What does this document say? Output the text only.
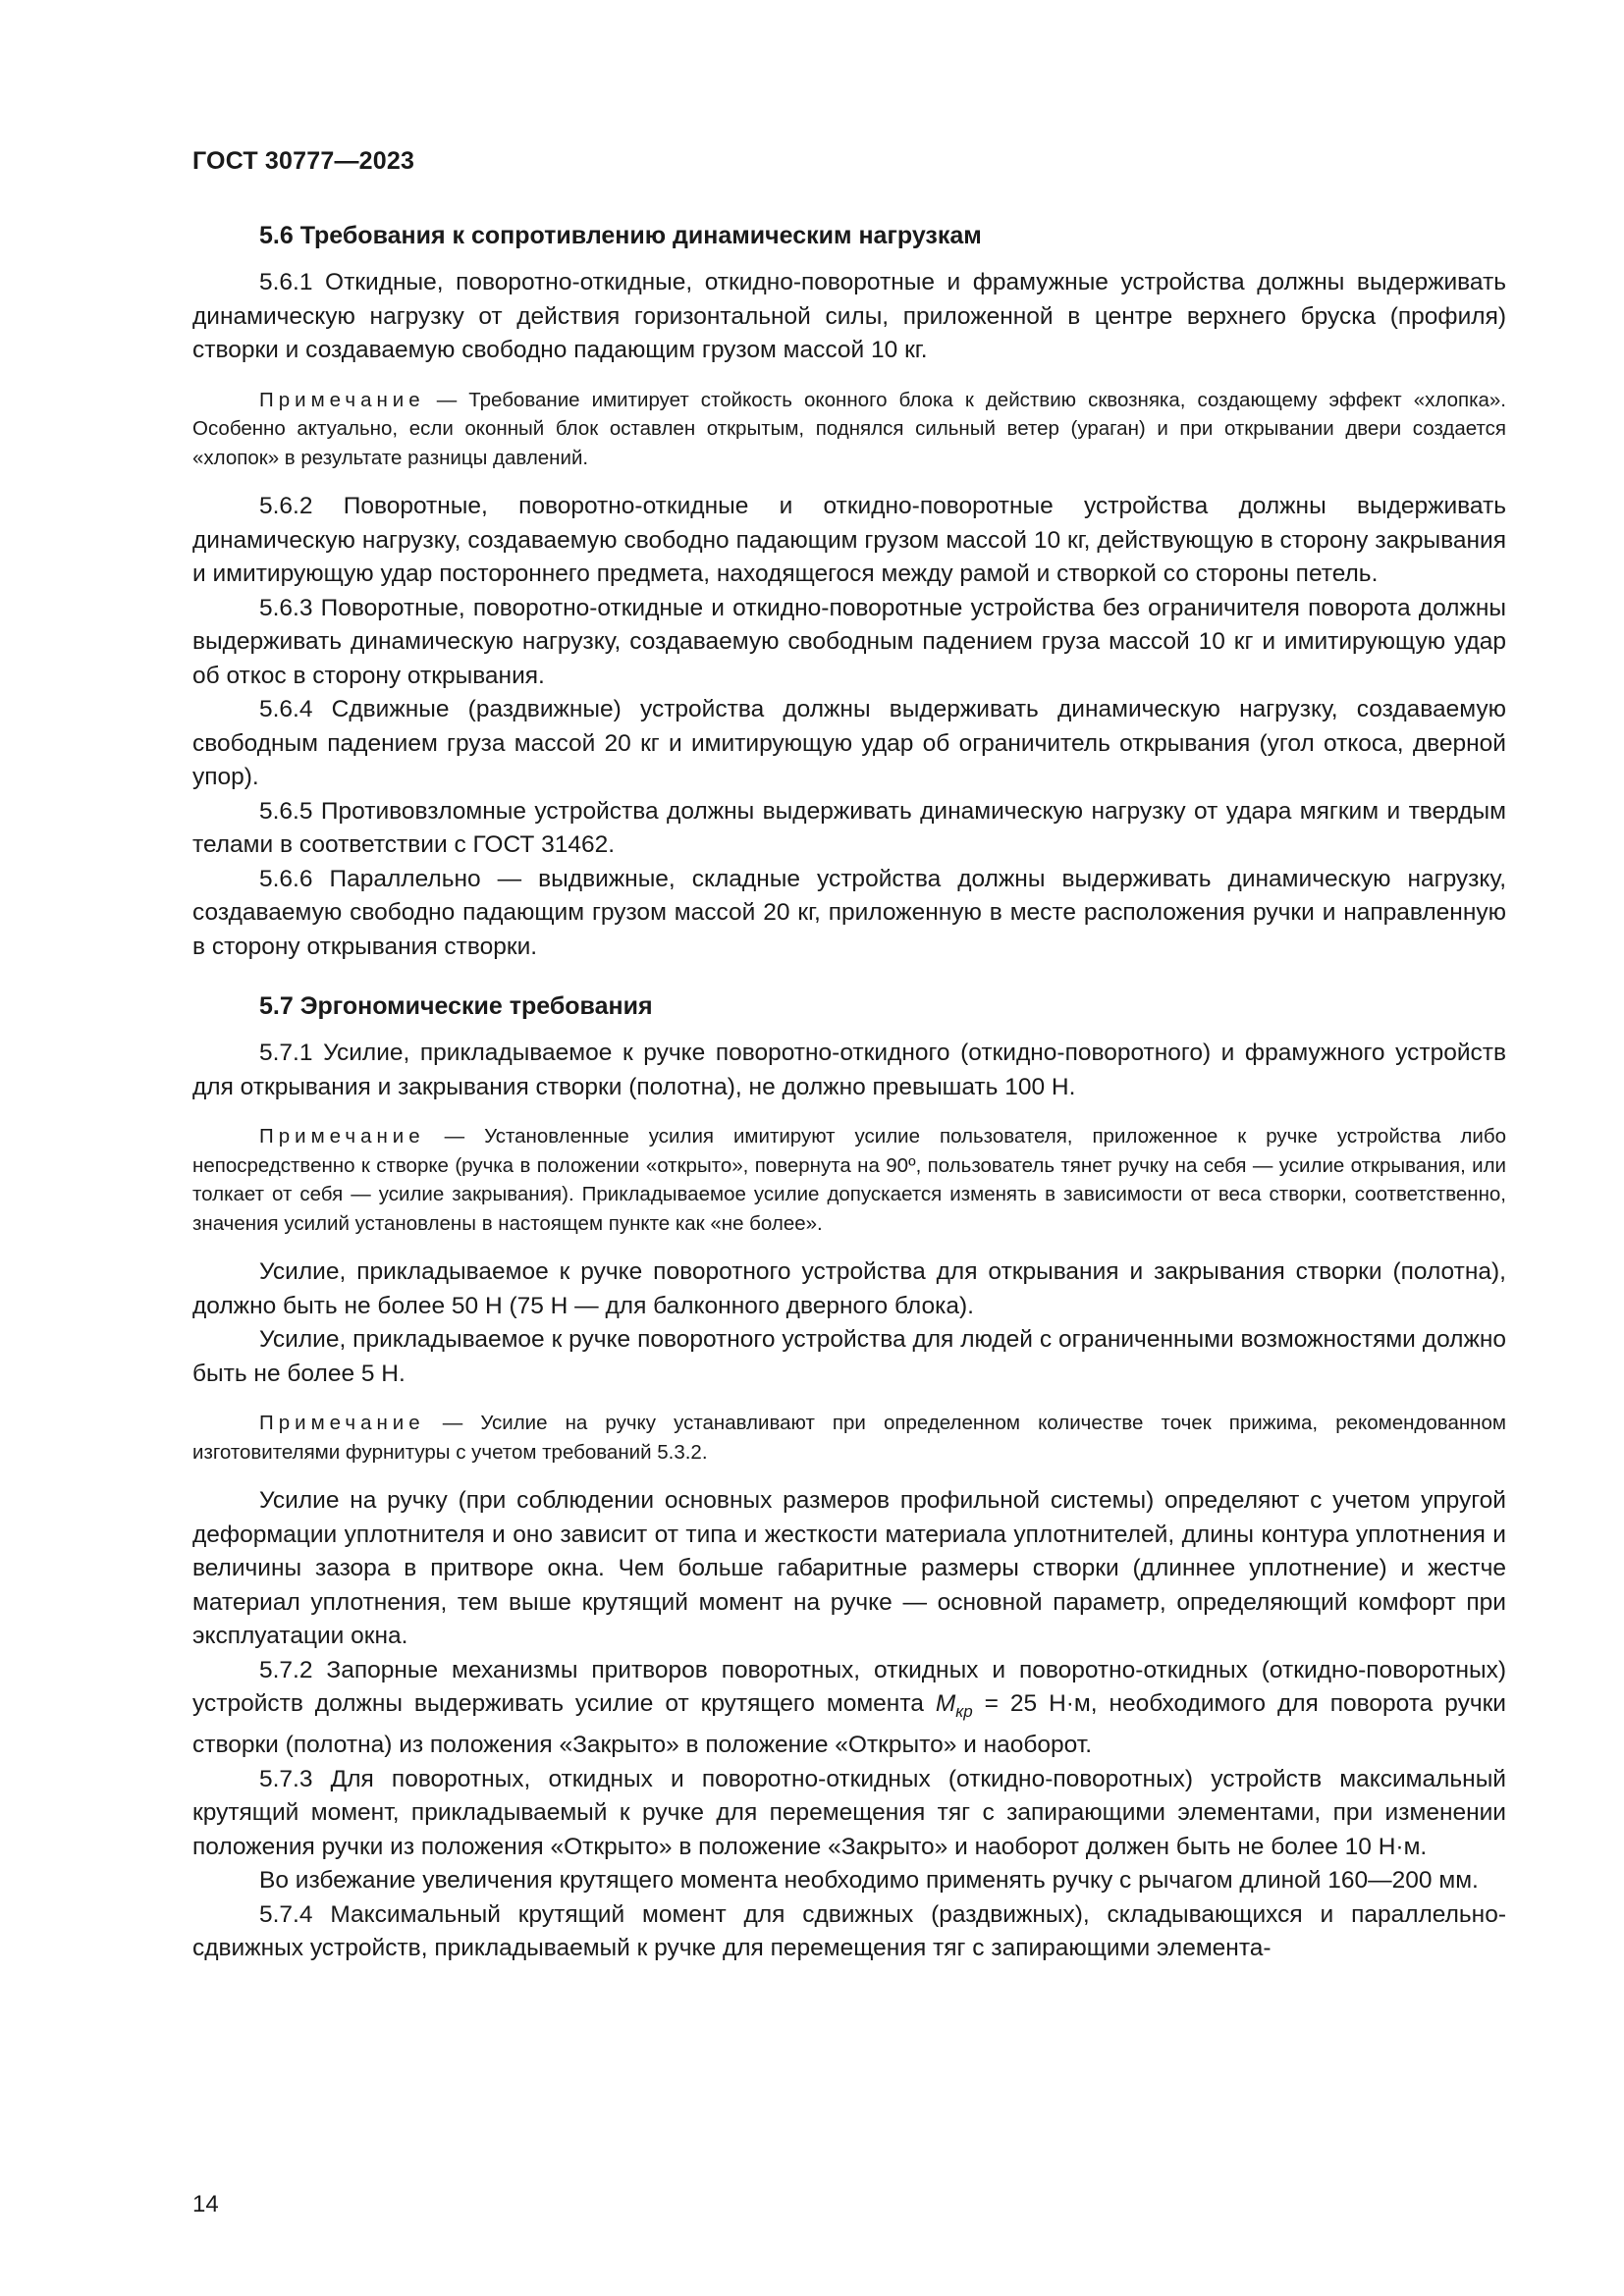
ГОСТ 30777—2023
5.6 Требования к сопротивлению динамическим нагрузкам

5.6.1 Откидные, поворотно-откидные, откидно-поворотные и фрамужные устройства должны выдерживать динамическую нагрузку от действия горизонтальной силы, приложенной в центре верхнего бруска (профиля) створки и создаваемую свободно падающим грузом массой 10 кг.

Примечание — Требование имитирует стойкость оконного блока к действию сквозняка, создающему эффект «хлопка». Особенно актуально, если оконный блок оставлен открытым, поднялся сильный ветер (ураган) и при открывании двери создается «хлопок» в результате разницы давлений.

5.6.2 Поворотные, поворотно-откидные и откидно-поворотные устройства должны выдерживать динамическую нагрузку, создаваемую свободно падающим грузом массой 10 кг, действующую в сторону закрывания и имитирующую удар постороннего предмета, находящегося между рамой и створкой со стороны петель.

5.6.3 Поворотные, поворотно-откидные и откидно-поворотные устройства без ограничителя поворота должны выдерживать динамическую нагрузку, создаваемую свободным падением груза массой 10 кг и имитирующую удар об откос в сторону открывания.

5.6.4 Сдвижные (раздвижные) устройства должны выдерживать динамическую нагрузку, создаваемую свободным падением груза массой 20 кг и имитирующую удар об ограничитель открывания (угол откоса, дверной упор).

5.6.5 Противовзломные устройства должны выдерживать динамическую нагрузку от удара мягким и твердым телами в соответствии с ГОСТ 31462.

5.6.6 Параллельно — выдвижные, складные устройства должны выдерживать динамическую нагрузку, создаваемую свободно падающим грузом массой 20 кг, приложенную в месте расположения ручки и направленную в сторону открывания створки.

5.7 Эргономические требования

5.7.1 Усилие, прикладываемое к ручке поворотно-откидного (откидно-поворотного) и фрамужного устройств для открывания и закрывания створки (полотна), не должно превышать 100 Н.

Примечание — Установленные усилия имитируют усилие пользователя, приложенное к ручке устройства либо непосредственно к створке (ручка в положении «открыто», повернута на 90º, пользователь тянет ручку на себя — усилие открывания, или толкает от себя — усилие закрывания). Прикладываемое усилие допускается изменять в зависимости от веса створки, соответственно, значения усилий установлены в настоящем пункте как «не более».

Усилие, прикладываемое к ручке поворотного устройства для открывания и закрывания створки (полотна), должно быть не более 50 Н (75 Н — для балконного дверного блока).

Усилие, прикладываемое к ручке поворотного устройства для людей с ограниченными возможностями должно быть не более 5 Н.

Примечание — Усилие на ручку устанавливают при определенном количестве точек прижима, рекомендованном изготовителями фурнитуры с учетом требований 5.3.2.

Усилие на ручку (при соблюдении основных размеров профильной системы) определяют с учетом упругой деформации уплотнителя и оно зависит от типа и жесткости материала уплотнителей, длины контура уплотнения и величины зазора в притворе окна. Чем больше габаритные размеры створки (длиннее уплотнение) и жестче материал уплотнения, тем выше крутящий момент на ручке — основной параметр, определяющий комфорт при эксплуатации окна.

5.7.2 Запорные механизмы притворов поворотных, откидных и поворотно-откидных (откидно-поворотных) устройств должны выдерживать усилие от крутящего момента $M_{кр} = 25$ Н·м, необходимого для поворота ручки створки (полотна) из положения «Закрыто» в положение «Открыто» и наоборот.

5.7.3 Для поворотных, откидных и поворотно-откидных (откидно-поворотных) устройств максимальный крутящий момент, прикладываемый к ручке для перемещения тяг с запирающими элементами, при изменении положения ручки из положения «Открыто» в положение «Закрыто» и наоборот должен быть не более 10 Н·м.

Во избежание увеличения крутящего момента необходимо применять ручку с рычагом длиной 160—200 мм.

5.7.4 Максимальный крутящий момент для сдвижных (раздвижных), складывающихся и параллельно-сдвижных устройств, прикладываемый к ручке для перемещения тяг с запирающими элемента-

14
